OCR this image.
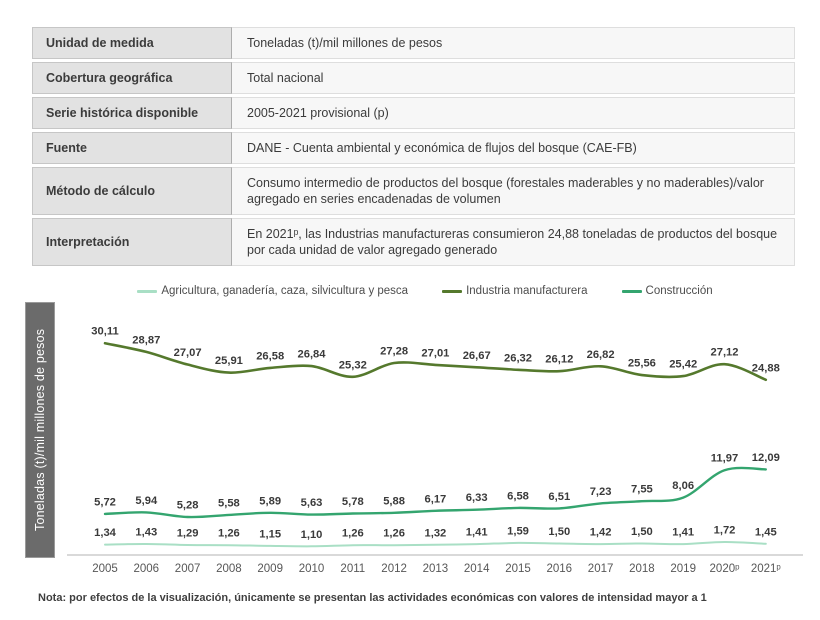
Unidad de medida	Toneladas (t)/mil millones de pesos
Cobertura geográfica	Total nacional
Serie histórica disponible	2005-2021 provisional (p)
Fuente	DANE - Cuenta ambiental y económica de flujos del bosque (CAE-FB)
Método de cálculo	Consumo intermedio de productos del bosque (forestales maderables y no maderables)/valor agregado en series encadenadas de volumen
Interpretación	En 2021ᵖ, las Industrias manufactureras consumieron 24,88 toneladas de productos del bosque por cada unidad de valor agregado generado
Agricultura, ganadería, caza, silvicultura y pesca	Industria manufacturera	Construcción
Toneladas (t)/mil millones de pesos
1,34 1,43 1,29 1,26 1,15 1,10 1,26 1,26 1,32 1,41 1,59 1,50 1,42 1,50 1,41 1,72 1,45
30,11
28,87
27,07
25,91 26,58 26,84
25,32
27,28 27,01 26,67 26,32 26,12 26,82
25,56 25,42
27,12
24,88
5,72 5,94 5,28 5,58 5,89 5,63 5,78 5,88 6,17 6,33 6,58 6,51 7,23 7,55 8,06
11,97 12,09
2005 2006 2007 2008 2009 2010 2011 2012 2013 2014 2015 2016 2017 2018 2019 2020ᵖ 2021ᵖ
Nota: por efectos de la visualización, únicamente se presentan las actividades económicas con valores de intensidad mayor a 1
